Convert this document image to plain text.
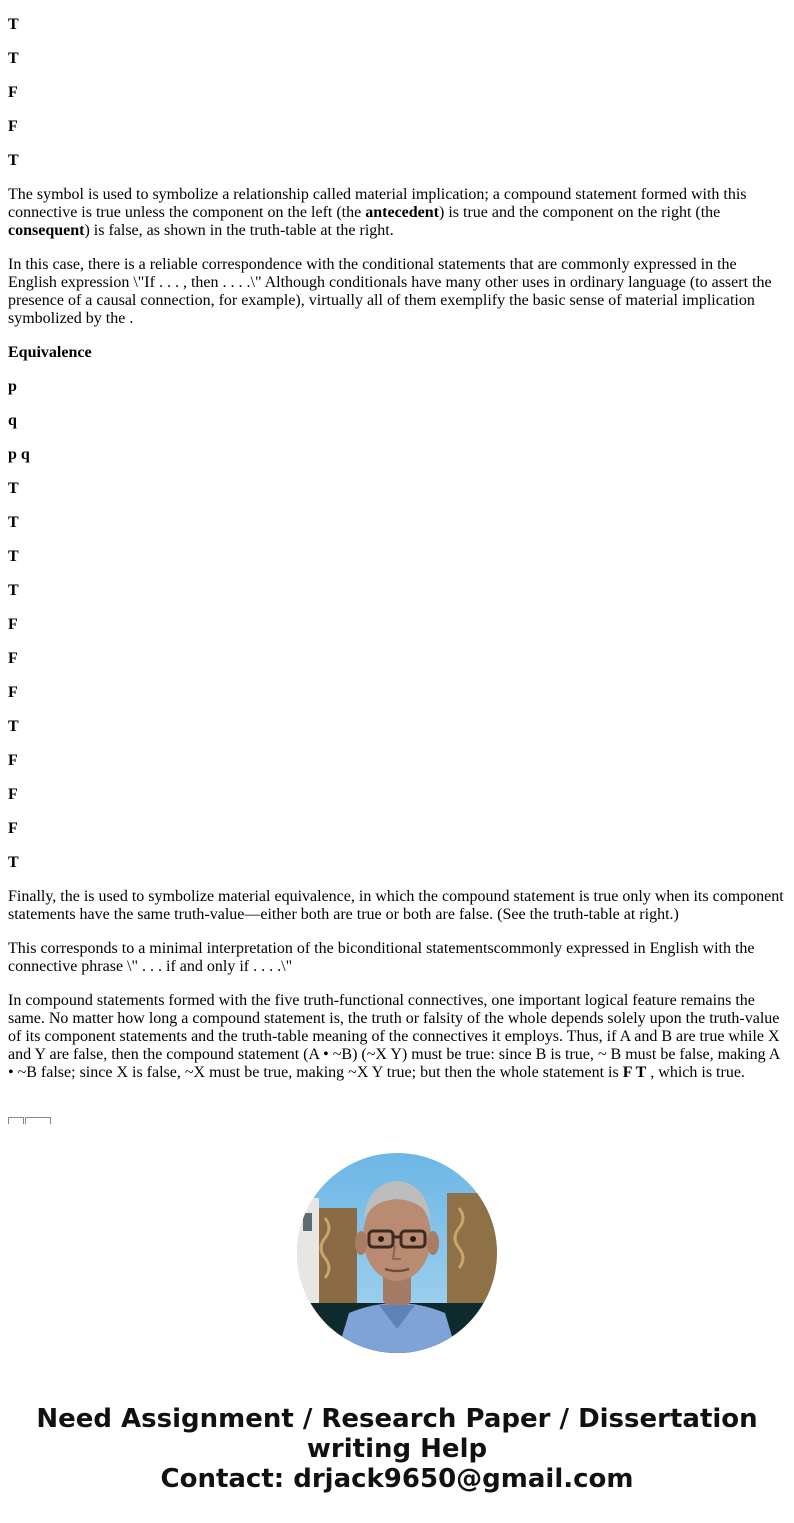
T

T

F

F

T

The symbol is used to symbolize a relationship called material implication; a compound statement formed with this connective is true unless the component on the left (the antecedent) is true and the component on the right (the consequent) is false, as shown in the truth-table at the right.

In this case, there is a reliable correspondence with the conditional statements that are commonly expressed in the English expression \"If . . . , then . . . .\" Although conditionals have many other uses in ordinary language (to assert the presence of a causal connection, for example), virtually all of them exemplify the basic sense of material implication symbolized by the .

Equivalence

p

q

p q

T

T

T

T

F

F

F

T

F

F

F

T

Finally, the is used to symbolize material equivalence, in which the compound statement is true only when its component statements have the same truth-value—either both are true or both are false. (See the truth-table at right.)

This corresponds to a minimal interpretation of the biconditional statementscommonly expressed in English with the connective phrase \" . . . if and only if . . . .\"

In compound statements formed with the five truth-functional connectives, one important logical feature remains the same. No matter how long a compound statement is, the truth or falsity of the whole depends solely upon the truth-value of its component statements and the truth-table meaning of the connectives it employs. Thus, if A and B are true while X and Y are false, then the compound statement (A • ~B) (~X Y) must be true: since B is true, ~ B must be false, making A • ~B false; since X is false, ~X must be true, making ~X Y true; but then the whole statement is F T , which is true.

Need Assignment / Research Paper / Dissertation
writing Help
Contact: drjack9650@gmail.com
